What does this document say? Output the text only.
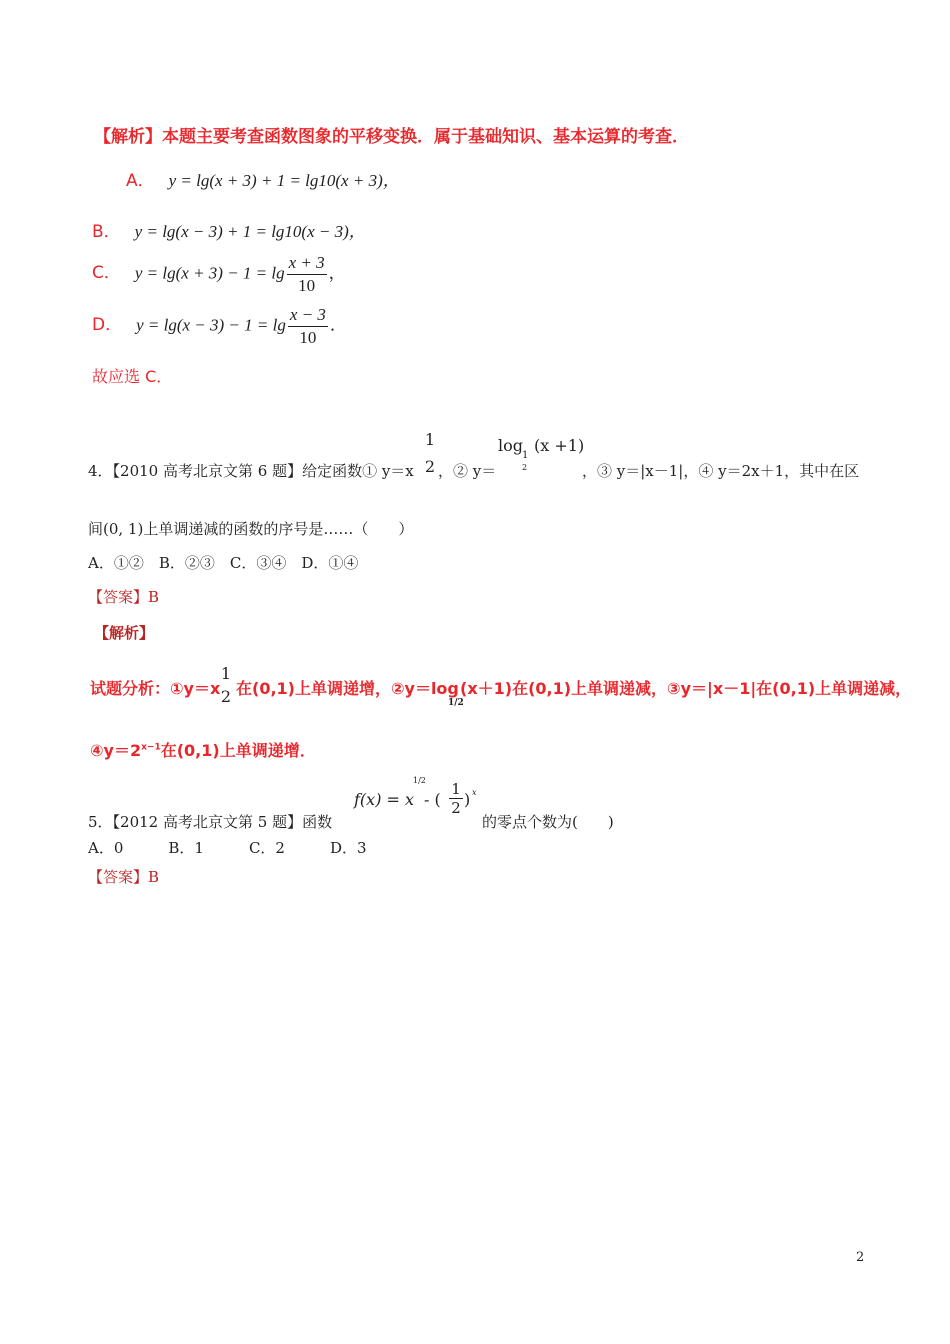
【解析】本题主要考查函数图象的平移变换．属于基础知识、基本运算的考查．
A． y = lg(x + 3) + 1 = lg10(x + 3)，
B． y = lg(x − 3) + 1 = lg10(x − 3)，
C． $y = \lg(x + 3) - 1 = \lg \frac{x + 3}{10}$ ，
D． $y = \lg(x - 3) - 1 = \lg \frac{x - 3}{10}$ ．
故应选 C．
4．【2010 高考北京文第 6 题】给定函数① y＝x
1
2 ，② y＝
log
1
2
(x +1)
，③ y＝|x－1|，④ y＝2x＋1，其中在区
间(0, 1)上单调递减的函数的序号是……（　　）
A．①②　B．②③　C．③④　D．①④
【答案】B
【解析】
试题分析：①y＝x
1
2 在(0,1)上单调递增，②y＝log
1/2
(x＋1)在(0,1)上单调递减，③y＝|x－1|在(0,1)上单调递减，
$④y=2^{x-1}$在(0,1)上单调递增．
5．【2012 高考北京文第 5 题】函数
f(x) = x
1/2
- ( $\frac{1}{2}$ ) x
的零点个数为(　　)
A．0　　　B．1　　　C．2　　　D．3
【答案】B
2
